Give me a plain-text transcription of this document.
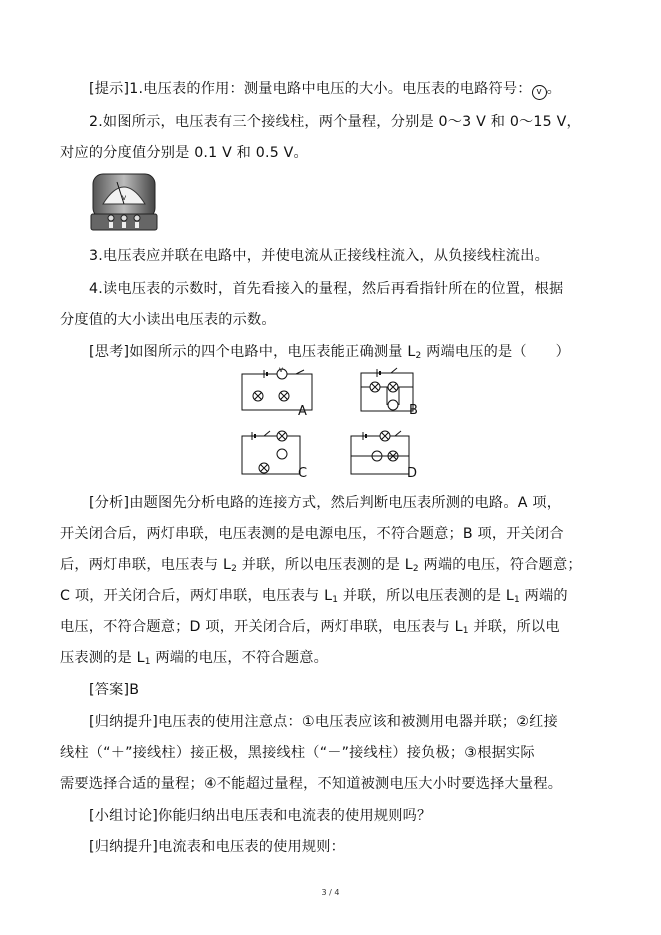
[提示]1.电压表的作用：测量电路中电压的大小。电压表的电路符号： v 。
2.如图所示，电压表有三个接线柱，两个量程，分别是 0～3 V 和 0～15 V，
对应的分度值分别是 0.1 V 和 0.5 V。
V
3.电压表应并联在电路中，并使电流从正接线柱流入，从负接线柱流出。
4.读电压表的示数时，首先看接入的量程，然后再看指针所在的位置，根据
分度值的大小读出电压表的示数。
[思考]如图所示的四个电路中，电压表能正确测量 $L_2$ 两端电压的是（　　）
V
A	B
C	D
[分析]由题图先分析电路的连接方式，然后判断电压表所测的电路。A 项，
开关闭合后，两灯串联，电压表测的是电源电压，不符合题意；B 项，开关闭合
后，两灯串联，电压表与 $L_2$ 并联，所以电压表测的是 $L_2$ 两端的电压，符合题意；
C 项，开关闭合后，两灯串联，电压表与 $L_1$ 并联，所以电压表测的是 $L_1$ 两端的
电压，不符合题意；D 项，开关闭合后，两灯串联，电压表与 $L_1$ 并联，所以电
压表测的是 $L_1$ 两端的电压，不符合题意。
[答案]B
[归纳提升]电压表的使用注意点：①电压表应该和被测用电器并联；②红接
线柱（“＋”接线柱）接正极，黑接线柱（“－”接线柱）接负极；③根据实际
需要选择合适的量程；④不能超过量程，不知道被测电压大小时要选择大量程。
[小组讨论]你能归纳出电压表和电流表的使用规则吗？
[归纳提升]电流表和电压表的使用规则：
3 / 4
